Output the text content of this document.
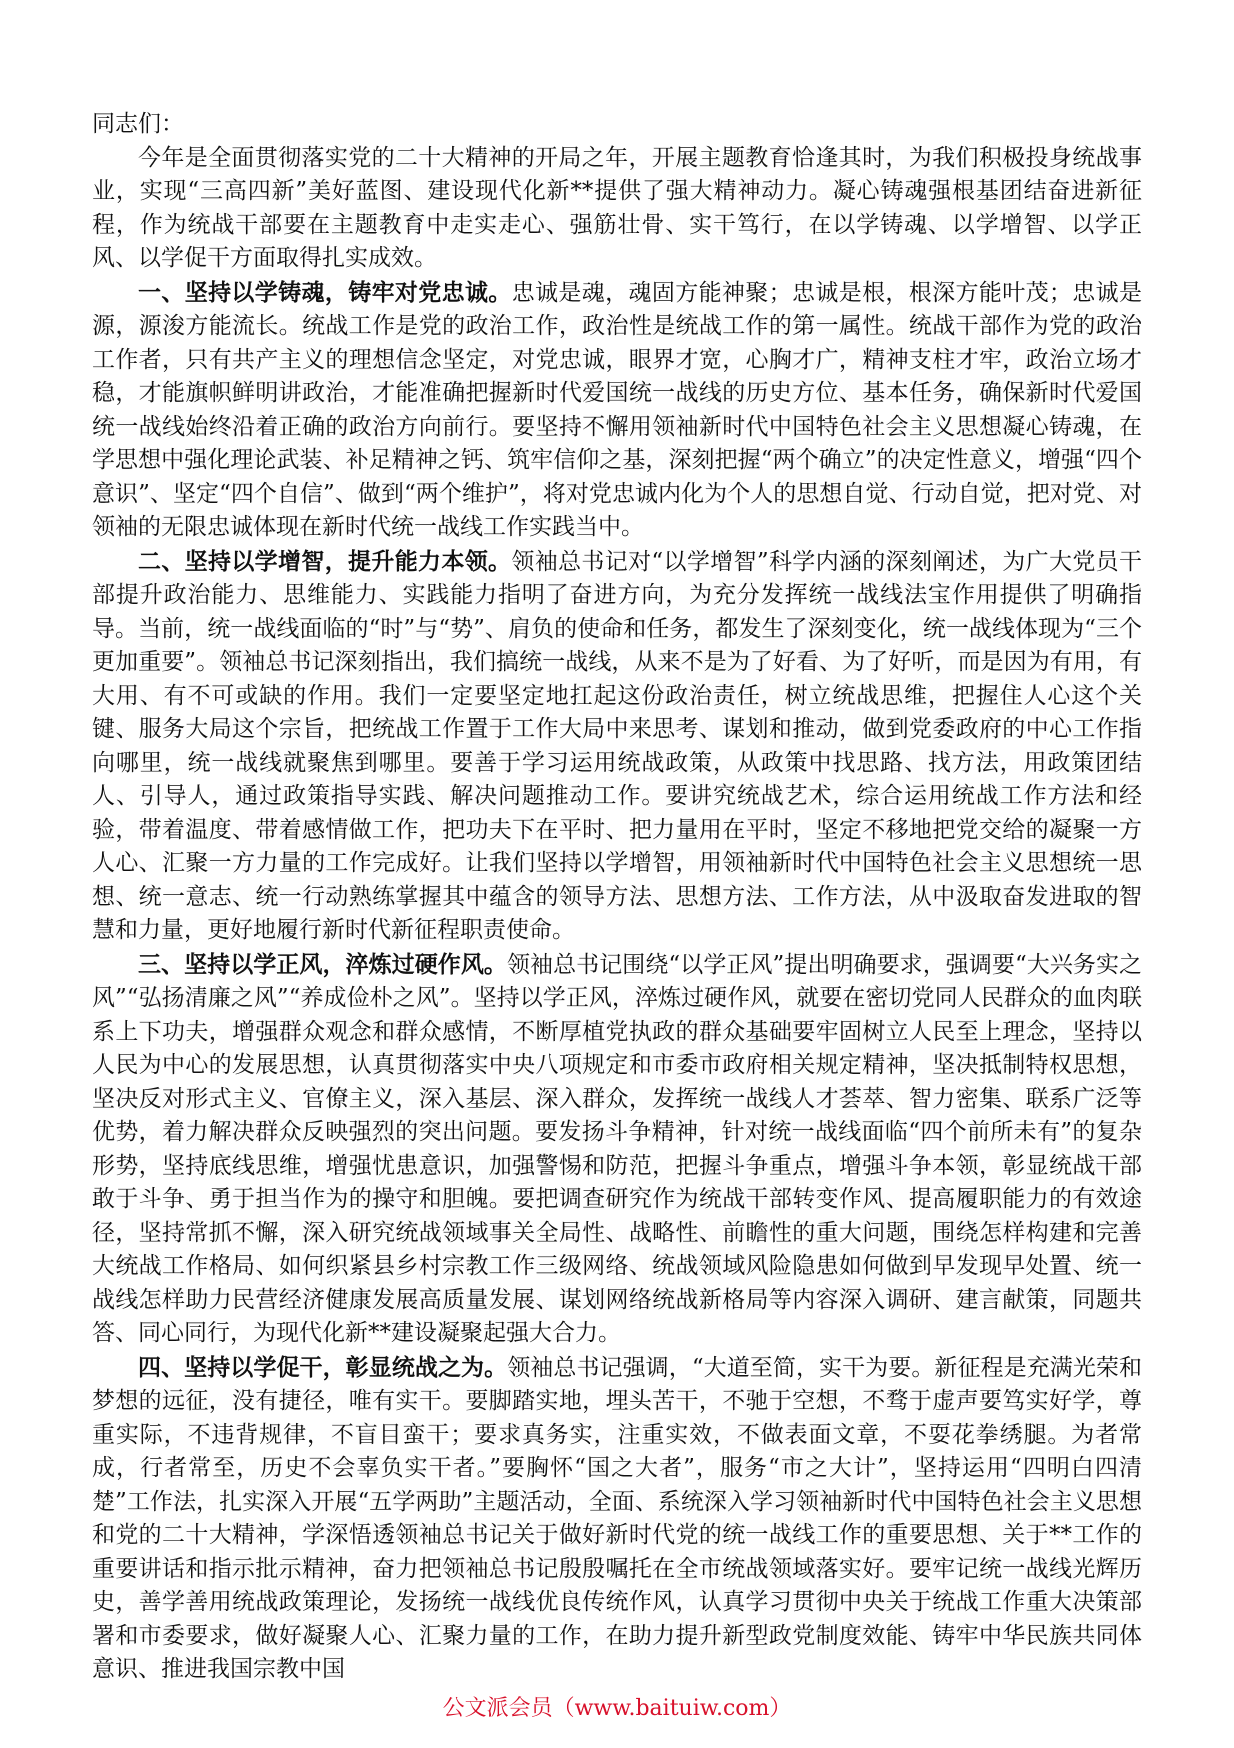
同志们：

今年是全面贯彻落实党的二十大精神的开局之年，开展主题教育恰逢其时，为我们积极投身统战事业，实现“三高四新”美好蓝图、建设现代化新**提供了强大精神动力。凝心铸魂强根基团结奋进新征程，作为统战干部要在主题教育中走实走心、强筋壮骨、实干笃行，在以学铸魂、以学增智、以学正风、以学促干方面取得扎实成效。

一、坚持以学铸魂，铸牢对党忠诚。忠诚是魂，魂固方能神聚；忠诚是根，根深方能叶茂；忠诚是源，源浚方能流长。统战工作是党的政治工作，政治性是统战工作的第一属性。统战干部作为党的政治工作者，只有共产主义的理想信念坚定，对党忠诚，眼界才宽，心胸才广，精神支柱才牢，政治立场才稳，才能旗帜鲜明讲政治，才能准确把握新时代爱国统一战线的历史方位、基本任务，确保新时代爱国统一战线始终沿着正确的政治方向前行。要坚持不懈用领袖新时代中国特色社会主义思想凝心铸魂，在学思想中强化理论武装、补足精神之钙、筑牢信仰之基，深刻把握“两个确立”的决定性意义，增强“四个意识”、坚定“四个自信”、做到“两个维护”，将对党忠诚内化为个人的思想自觉、行动自觉，把对党、对领袖的无限忠诚体现在新时代统一战线工作实践当中。

二、坚持以学增智，提升能力本领。领袖总书记对“以学增智”科学内涵的深刻阐述，为广大党员干部提升政治能力、思维能力、实践能力指明了奋进方向，为充分发挥统一战线法宝作用提供了明确指导。当前，统一战线面临的“时”与“势”、肩负的使命和任务，都发生了深刻变化，统一战线体现为“三个更加重要”。领袖总书记深刻指出，我们搞统一战线，从来不是为了好看、为了好听，而是因为有用，有大用、有不可或缺的作用。我们一定要坚定地扛起这份政治责任，树立统战思维，把握住人心这个关键、服务大局这个宗旨，把统战工作置于工作大局中来思考、谋划和推动，做到党委政府的中心工作指向哪里，统一战线就聚焦到哪里。要善于学习运用统战政策，从政策中找思路、找方法，用政策团结人、引导人，通过政策指导实践、解决问题推动工作。要讲究统战艺术，综合运用统战工作方法和经验，带着温度、带着感情做工作，把功夫下在平时、把力量用在平时，坚定不移地把党交给的凝聚一方人心、汇聚一方力量的工作完成好。让我们坚持以学增智，用领袖新时代中国特色社会主义思想统一思想、统一意志、统一行动熟练掌握其中蕴含的领导方法、思想方法、工作方法，从中汲取奋发进取的智慧和力量，更好地履行新时代新征程职责使命。

三、坚持以学正风，淬炼过硬作风。领袖总书记围绕“以学正风”提出明确要求，强调要“大兴务实之风”“弘扬清廉之风”“养成俭朴之风”。坚持以学正风，淬炼过硬作风，就要在密切党同人民群众的血肉联系上下功夫，增强群众观念和群众感情，不断厚植党执政的群众基础要牢固树立人民至上理念，坚持以人民为中心的发展思想，认真贯彻落实中央八项规定和市委市政府相关规定精神，坚决抵制特权思想，坚决反对形式主义、官僚主义，深入基层、深入群众，发挥统一战线人才荟萃、智力密集、联系广泛等优势，着力解决群众反映强烈的突出问题。要发扬斗争精神，针对统一战线面临“四个前所未有”的复杂形势，坚持底线思维，增强忧患意识，加强警惕和防范，把握斗争重点，增强斗争本领，彰显统战干部敢于斗争、勇于担当作为的操守和胆魄。要把调查研究作为统战干部转变作风、提高履职能力的有效途径，坚持常抓不懈，深入研究统战领域事关全局性、战略性、前瞻性的重大问题，围绕怎样构建和完善大统战工作格局、如何织紧县乡村宗教工作三级网络、统战领域风险隐患如何做到早发现早处置、统一战线怎样助力民营经济健康发展高质量发展、谋划网络统战新格局等内容深入调研、建言献策，同题共答、同心同行，为现代化新**建设凝聚起强大合力。

四、坚持以学促干，彰显统战之为。领袖总书记强调，“大道至简，实干为要。新征程是充满光荣和梦想的远征，没有捷径，唯有实干。要脚踏实地，埋头苦干，不驰于空想，不骛于虚声要笃实好学，尊重实际，不违背规律，不盲目蛮干；要求真务实，注重实效，不做表面文章，不耍花拳绣腿。为者常成，行者常至，历史不会辜负实干者。”要胸怀“国之大者”，服务“市之大计”，坚持运用“四明白四清楚”工作法，扎实深入开展“五学两助”主题活动，全面、系统深入学习领袖新时代中国特色社会主义思想和党的二十大精神，学深悟透领袖总书记关于做好新时代党的统一战线工作的重要思想、关于**工作的重要讲话和指示批示精神，奋力把领袖总书记殷殷嘱托在全市统战领域落实好。要牢记统一战线光辉历史，善学善用统战政策理论，发扬统一战线优良传统作风，认真学习贯彻中央关于统战工作重大决策部署和市委要求，做好凝聚人心、汇聚力量的工作，在助力提升新型政党制度效能、铸牢中华民族共同体意识、推进我国宗教中国

公文派会员（www.baituiw.com）
